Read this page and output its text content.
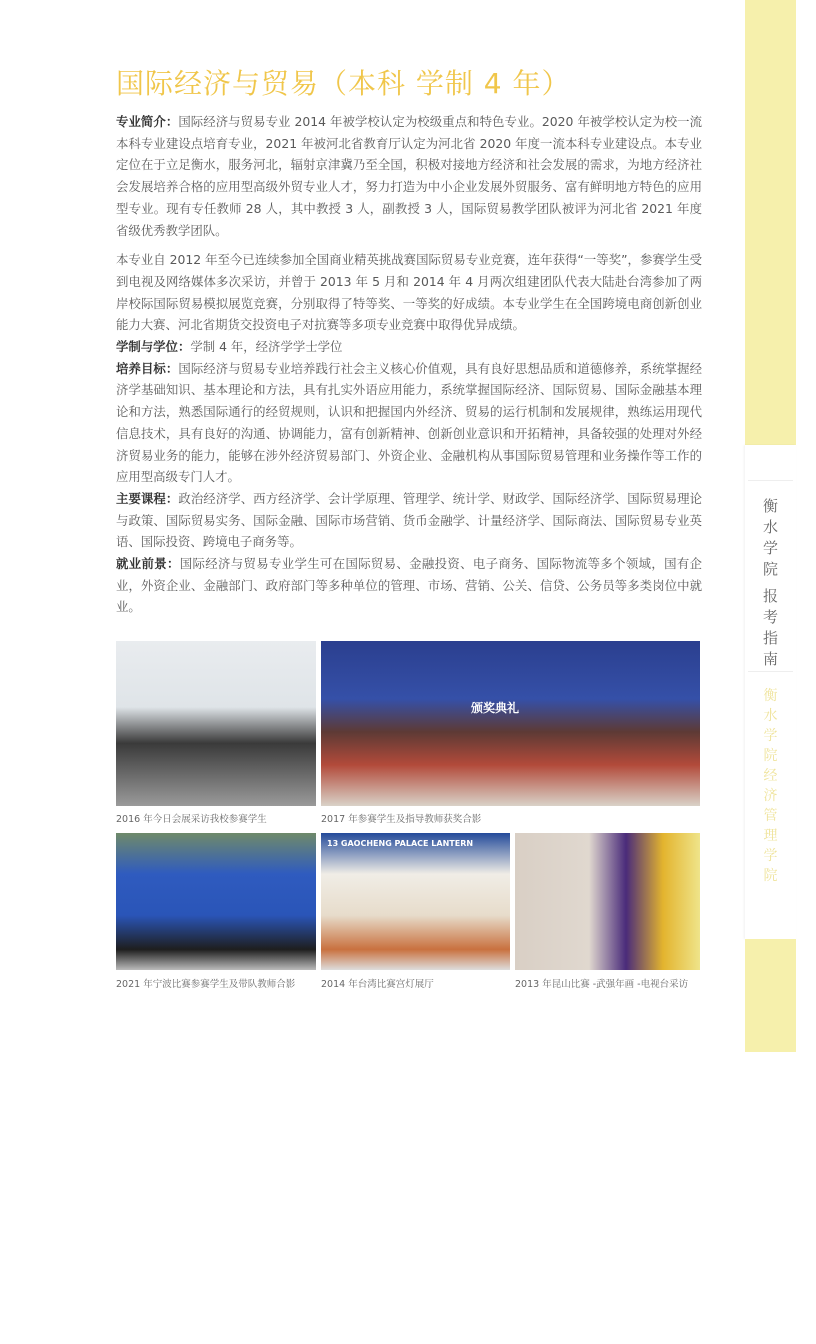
国际经济与贸易（本科 学制 4 年）

专业简介：国际经济与贸易专业 2014 年被学校认定为校级重点和特色专业。2020 年被学校认定为校一流本科专业建设点培育专业，2021 年被河北省教育厅认定为河北省 2020 年度一流本科专业建设点。本专业定位在于立足衡水，服务河北，辐射京津冀乃至全国，积极对接地方经济和社会发展的需求，为地方经济社会发展培养合格的应用型高级外贸专业人才，努力打造为中小企业发展外贸服务、富有鲜明地方特色的应用型专业。现有专任教师 28 人，其中教授 3 人，副教授 3 人，国际贸易教学团队被评为河北省 2021 年度省级优秀教学团队。

本专业自 2012 年至今已连续参加全国商业精英挑战赛国际贸易专业竞赛，连年获得“一等奖”，参赛学生受到电视及网络媒体多次采访，并曾于 2013 年 5 月和 2014 年 4 月两次组建团队代表大陆赴台湾参加了两岸校际国际贸易模拟展览竞赛，分别取得了特等奖、一等奖的好成绩。本专业学生在全国跨境电商创新创业能力大赛、河北省期货交投资电子对抗赛等多项专业竞赛中取得优异成绩。

学制与学位：学制 4 年，经济学学士学位

培养目标：国际经济与贸易专业培养践行社会主义核心价值观，具有良好思想品质和道德修养，系统掌握经济学基础知识、基本理论和方法，具有扎实外语应用能力，系统掌握国际经济、国际贸易、国际金融基本理论和方法，熟悉国际通行的经贸规则，认识和把握国内外经济、贸易的运行机制和发展规律，熟练运用现代信息技术，具有良好的沟通、协调能力，富有创新精神、创新创业意识和开拓精神，具备较强的处理对外经济贸易业务的能力，能够在涉外经济贸易部门、外资企业、金融机构从事国际贸易管理和业务操作等工作的应用型高级专门人才。

主要课程：政治经济学、西方经济学、会计学原理、管理学、统计学、财政学、国际经济学、国际贸易理论与政策、国际贸易实务、国际金融、国际市场营销、货币金融学、计量经济学、国际商法、国际贸易专业英语、国际投资、跨境电子商务等。

就业前景：国际经济与贸易专业学生可在国际贸易、金融投资、电子商务、国际物流等多个领域，国有企业，外资企业、金融部门、政府部门等多种单位的管理、市场、营销、公关、信贷、公务员等多类岗位中就业。

2016 年今日会展采访我校参赛学生
颁奖典礼
2017 年参赛学生及指导教师获奖合影
2021 年宁波比赛参赛学生及带队教师合影
13 GAOCHENG PALACE LANTERN
2014 年台湾比赛宫灯展厅	2013 年昆山比赛 -武强年画 -电视台采访
衡
水
学
院
报
考
指
南
衡水学院经济管理学院
